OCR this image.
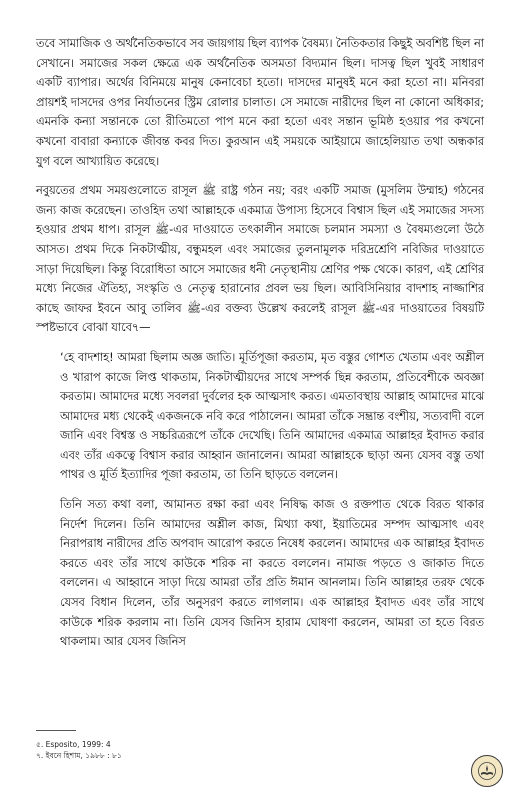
তবে সামাজিক ও অর্থনৈতিকভাবে সব জায়গায় ছিল ব্যাপক বৈষম্য। নৈতিকতার কিছুই অবশিষ্ট ছিল না সেখানে। সমাজের সকল ক্ষেত্রে এক অর্থনৈতিক অসমতা বিদ্যমান ছিল। দাসত্ব ছিল খুবই সাধারণ একটি ব্যাপার। অর্থের বিনিময়ে মানুষ কেনাবেচা হতো। দাসদের মানুষই মনে করা হতো না। মনিবরা প্রায়শই দাসদের ওপর নির্যাতনের স্ট্রিম রোলার চালাত। সে সমাজে নারীদের ছিল না কোনো অধিকার; এমনকি কন্যা সন্তানকে তো রীতিমতো পাপ মনে করা হতো এবং সন্তান ভূমিষ্ঠ হওয়ার পর কখনো কখনো বাবারা কন্যাকে জীবন্ত কবর দিত। কুরআন এই সময়কে আইয়ামে জাহেলিয়াত তথা অন্ধকার যুগ বলে আখ্যায়িত করেছে।

নবুয়তের প্রথম সময়গুলোতে রাসূল ﷺ রাষ্ট্র গঠন নয়; বরং একটি সমাজ (মুসলিম উম্মাহ) গঠনের জন্য কাজ করেছেন। তাওহিদ তথা আল্লাহকে একমাত্র উপাস্য হিসেবে বিশ্বাস ছিল এই সমাজের সদস্য হওয়ার প্রথম ধাপ। রাসূল ﷺ-এর দাওয়াতে তৎকালীন সমাজে চলমান সমস্যা ও বৈষম্যগুলো উঠে আসত। প্রথম দিকে নিকটাত্মীয়, বন্ধুমহল এবং সমাজের তুলনামূলক দরিদ্রশ্রেণি নবিজির দাওয়াতে সাড়া দিয়েছিল। কিন্তু বিরোধিতা আসে সমাজের ধনী নেতৃস্থানীয় শ্রেণির পক্ষ থেকে। কারণ, এই শ্রেণির মধ্যে নিজের ঐতিহ্য, সংস্কৃতি ও নেতৃত্ব হারানোর প্রবল ভয় ছিল। আবিসিনিয়ার বাদশাহ নাজ্জাশির কাছে জাফর ইবনে আবু তালিব ﷺ-এর বক্তব্য উল্লেখ করলেই রাসূল ﷺ-এর দাওয়াতের বিষয়টি স্পষ্টভাবে বোঝা যাবে৭—

‘হে বাদশাহ! আমরা ছিলাম অজ্ঞ জাতি। মূর্তিপূজা করতাম, মৃত বস্তুর গোশত খেতাম এবং অশ্লীল ও খারাপ কাজে লিপ্ত থাকতাম, নিকটাত্মীয়দের সাথে সম্পর্ক ছিন্ন করতাম, প্রতিবেশীকে অবজ্ঞা করতাম। আমাদের মধ্যে সবলরা দুর্বলের হক আত্মসাৎ করত। এমতাবস্থায় আল্লাহ আমাদের মাঝে আমাদের মধ্য থেকেই একজনকে নবি করে পাঠালেন। আমরা তাঁকে সম্ভ্রান্ত বংশীয়, সত্যবাদী বলে জানি এবং বিশ্বস্ত ও সচ্চরিত্ররূপে তাঁকে দেখেছি। তিনি আমাদের একমাত্র আল্লাহর ইবাদত করার এবং তাঁর একত্বে বিশ্বাস করার আহ্বান জানালেন। আমরা আল্লাহকে ছাড়া অন্য যেসব বস্তু তথা পাথর ও মূর্তি ইত্যাদির পূজা করতাম, তা তিনি ছাড়তে বললেন।

তিনি সত্য কথা বলা, আমানত রক্ষা করা এবং নিষিদ্ধ কাজ ও রক্তপাত থেকে বিরত থাকার নির্দেশ দিলেন। তিনি আমাদের অশ্লীল কাজ, মিথ্যা কথা, ইয়াতিমের সম্পদ আত্মসাৎ এবং নিরাপরাধ নারীদের প্রতি অপবাদ আরোপ করতে নিষেধ করলেন। আমাদের এক আল্লাহর ইবাদত করতে এবং তাঁর সাথে কাউকে শরিক না করতে বললেন। নামাজ পড়তে ও জাকাত দিতে বললেন। এ আহ্বানে সাড়া দিয়ে আমরা তাঁর প্রতি ঈমান আনলাম। তিনি আল্লাহর তরফ থেকে যেসব বিধান দিলেন, তাঁর অনুসরণ করতে লাগলাম। এক আল্লাহর ইবাদত এবং তাঁর সাথে কাউকে শরিক করলাম না। তিনি যেসব জিনিস হারাম ঘোষণা করলেন, আমরা তা হতে বিরত থাকলাম। আর যেসব জিনিস

৫. Esposito, 1999: 4

৭. ইবনে হিশাম, ১৯৮৮ : ৮১
